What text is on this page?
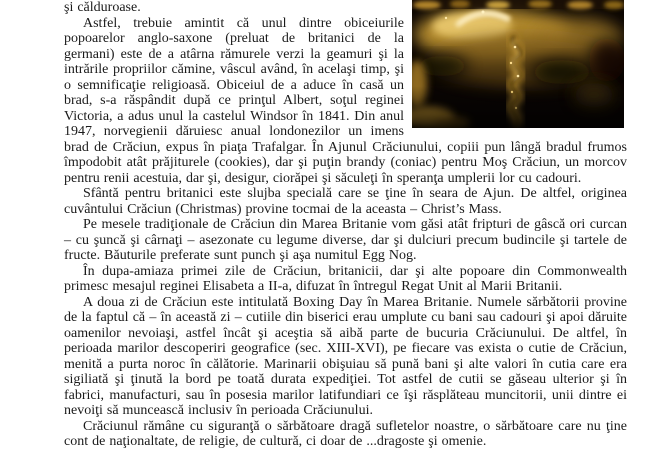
şi călduroase.

Astfel, trebuie amintit că unul dintre obiceiurile popoarelor anglo-saxone (preluat de britanici de la germani) este de a atârna rămurele verzi la geamuri şi la intrările propriilor cămine, vâscul având, în acelaşi timp, şi o semnificaţie religioasă. Obiceiul de a aduce în casă un brad, s-a răspândit după ce prinţul Albert, soţul reginei Victoria, a adus unul la castelul Windsor în 1841. Din anul 1947, norvegienii dăruiesc anual londonezilor un imens brad de Crăciun, expus în piaţa Trafalgar. În Ajunul Crăciunului, copiii pun lângă bradul frumos împodobit atât prăjiturele (cookies), dar şi puţin brandy (coniac) pentru Moş Crăciun, un morcov pentru renii acestuia, dar şi, desigur, ciorăpei şi săculeţi în speranţa umplerii lor cu cadouri.

Sfântă pentru britanici este slujba specială care se ţine în seara de Ajun. De altfel, originea cuvântului Crăciun (Christmas) provine tocmai de la aceasta – Christ’s Mass.

Pe mesele tradiţionale de Crăciun din Marea Britanie vom găsi atât fripturi de gâscă ori curcan – cu şuncă şi cârnaţi – asezonate cu legume diverse, dar şi dulciuri precum budincile şi tartele de fructe. Băuturile preferate sunt punch şi aşa numitul Egg Nog.

În dupa-amiaza primei zile de Crăciun, britanicii, dar şi alte popoare din Commonwealth primesc mesajul reginei Elisabeta a II-a, difuzat în întregul Regat Unit al Marii Britanii.

A doua zi de Crăciun este intitulată Boxing Day în Marea Britanie. Numele sărbătorii provine de la faptul că – în această zi – cutiile din biserici erau umplute cu bani sau cadouri şi apoi dăruite oamenilor nevoiaşi, astfel încât şi aceştia să aibă parte de bucuria Crăciunului. De altfel, în perioada marilor descoperiri geografice (sec. XIII-XVI), pe fiecare vas exista o cutie de Crăciun, menită a purta noroc în călătorie. Marinarii obişuiau să pună bani şi alte valori în cutia care era sigiliată şi ţinută la bord pe toată durata expediţiei. Tot astfel de cutii se găseau ulterior şi în fabrici, manufacturi, sau în posesia marilor latifundiari ce îşi răsplăteau muncitorii, unii dintre ei nevoiţi să muncească inclusiv în perioada Crăciunului.

Crăciunul rămâne cu siguranţă o sărbătoare dragă sufletelor noastre, o sărbătoare care nu ţine cont de naţionaltate, de religie, de cultură, ci doar de ...dragoste şi omenie.
